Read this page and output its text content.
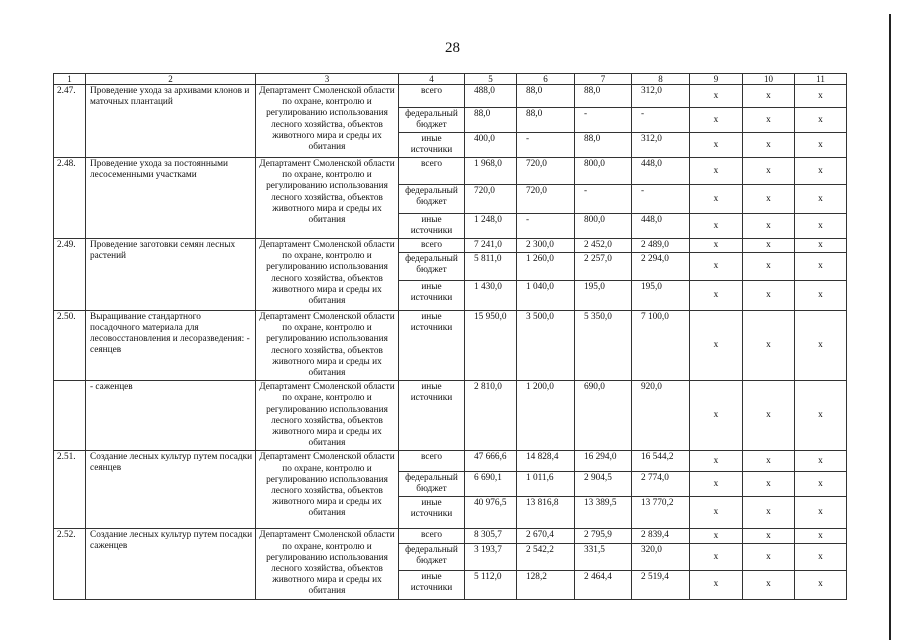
28
1	2	3	4	5	6	7	8	9	10	11
2.47.	Проведение ухода за архивами клонов и маточных плантаций	Департамент Смоленской области по охране, контролю и регулированию использования лесного хозяйства, объектов животного мира и среды их обитания	всего	488,0	88,0	88,0	312,0	х	х	х
			федеральный бюджет	88,0	88,0	-	-	х	х	х
			иные источники	400,0	-	88,0	312,0	х	х	х
2.48.	Проведение ухода за постоянными лесосеменными участками	Департамент Смоленской области по охране, контролю и регулированию использования лесного хозяйства, объектов животного мира и среды их обитания	всего	1 968,0	720,0	800,0	448,0	х	х	х
			федеральный бюджет	720,0	720,0	-	-	х	х	х
			иные источники	1 248,0	-	800,0	448,0	х	х	х
2.49.	Проведение заготовки семян лесных растений	Департамент Смоленской области по охране, контролю и регулированию использования лесного хозяйства, объектов животного мира и среды их обитания	всего	7 241,0	2 300,0	2 452,0	2 489,0	х	х	х
			федеральный бюджет	5 811,0	1 260,0	2 257,0	2 294,0	х	х	х
			иные источники	1 430,0	1 040,0	195,0	195,0	х	х	х
2.50.	Выращивание стандартного посадочного материала для лесовосстановления и лесоразведения: - сеянцев	Департамент Смоленской области по охране, контролю и регулированию использования лесного хозяйства, объектов животного мира и среды их обитания	иные источники	15 950,0	3 500,0	5 350,0	7 100,0	х	х	х
	- саженцев	Департамент Смоленской области по охране, контролю и регулированию использования лесного хозяйства, объектов животного мира и среды их обитания	иные источники	2 810,0	1 200,0	690,0	920,0	х	х	х
2.51.	Создание лесных культур путем посадки сеянцев	Департамент Смоленской области по охране, контролю и регулированию использования лесного хозяйства, объектов животного мира и среды их обитания	всего	47 666,6	14 828,4	16 294,0	16 544,2	х	х	х
			федеральный бюджет	6 690,1	1 011,6	2 904,5	2 774,0	х	х	х
			иные источники	40 976,5	13 816,8	13 389,5	13 770,2	х	х	х
2.52.	Создание лесных культур путем посадки саженцев	Департамент Смоленской области по охране, контролю и регулированию использования лесного хозяйства, объектов животного мира и среды их обитания	всего	8 305,7	2 670,4	2 795,9	2 839,4	х	х	х
			федеральный бюджет	3 193,7	2 542,2	331,5	320,0	х	х	х
			иные источники	5 112,0	128,2	2 464,4	2 519,4	х	х	х
